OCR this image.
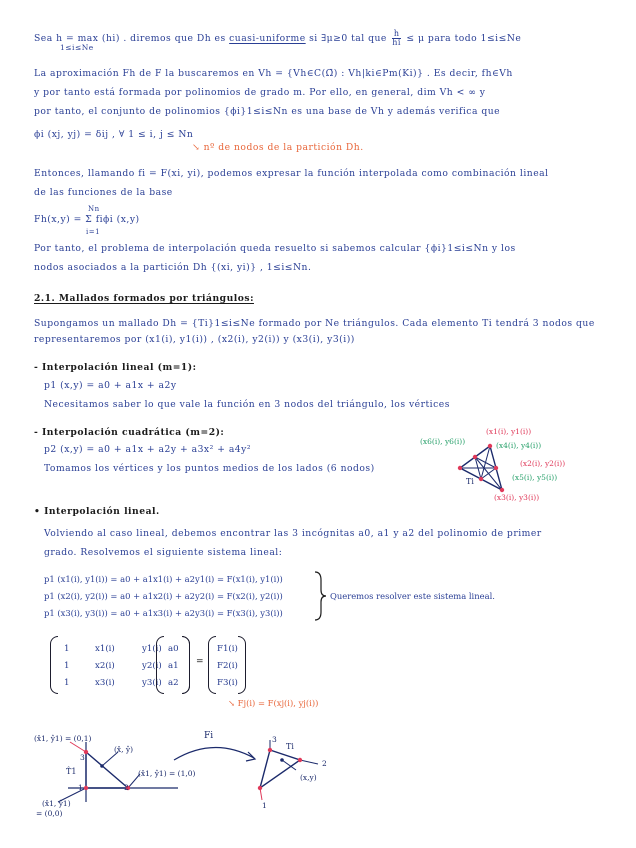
Sea h = max (hi) . diremos que Dh es cuasi-uniforme si ∃μ≥0 tal que $\frac{h}{hi} \le \mu$ para todo 1≤i≤Ne
1≤i≤Ne
La aproximación Fh de F la buscaremos en Vh = {Vh∈C(Ω̄) : Vh|ki∈Pm(Ki)} . Es decir, fh∈Vh
y por tanto está formada por polinomios de grado m. Por ello, en general, dim Vh < ∞ y
por tanto, el conjunto de polinomios {ϕi}1≤i≤Nn es una base de Vh y además verifica que
ϕi (xj, yj) = δij , ∀ 1 ≤ i, j ≤ Nn
↘ nº de nodos de la partición Dh.
Entonces, llamando fi = F(xi, yi), podemos expresar la función interpolada como combinación lineal
de las funciones de la base
Nn
Fh(x,y) = Σ fiϕi (x,y)
i=1
Por tanto, el problema de interpolación queda resuelto si sabemos calcular {ϕi}1≤i≤Nn y los
nodos asociados a la partición Dh {(xi, yi)} , 1≤i≤Nn.
2.1. Mallados formados por triángulos:
Supongamos un mallado Dh = {Ti}1≤i≤Ne formado por Ne triángulos. Cada elemento Ti tendrá 3 nodos que
representaremos por (x1(i), y1(i)) , (x2(i), y2(i)) y (x3(i), y3(i))
- Interpolación lineal (m=1):
p1 (x,y) = a0 + a1x + a2y
Necesitamos saber lo que vale la función en 3 nodos del triángulo, los vértices
- Interpolación cuadrática (m=2):
p2 (x,y) = a0 + a1x + a2y + a3x² + a4y²
Tomamos los vértices y los puntos medios de los lados (6 nodos)
(x6(i), y6(i))
(x1(i), y1(i))
(x4(i), y4(i))
(x2(i), y2(i))
(x5(i), y5(i))
(x3(i), y3(i))
Ti
• Interpolación lineal.
Volviendo al caso lineal, debemos encontrar las 3 incógnitas a0, a1 y a2 del polinomio de primer
grado. Resolvemos el siguiente sistema lineal:
p1 (x1(i), y1(i)) = a0 + a1x1(i) + a2y1(i) = F(x1(i), y1(i))
p1 (x2(i), y2(i)) = a0 + a1x2(i) + a2y2(i) = F(x2(i), y2(i))
p1 (x3(i), y3(i)) = a0 + a1x3(i) + a2y3(i) = F(x3(i), y3(i))
Queremos resolver este sistema lineal.
1	x1(i)	y1(i)
1	x2(i)	y2(i)
1	x3(i)	y3(i)
a0
a1
a2
=
F1(i)
F2(i)
F3(i)
↘ Fj(i) = F(xj(i), yj(i))
(x̂1, ŷ1) = (0,1)
(x̂, ŷ)
(x̂1, ŷ1) = (1,0)
(x̂1, ŷ1)
= (0,0)
T̂1
1	2
3
Fi
Ti
(x,y)
1
2
3
